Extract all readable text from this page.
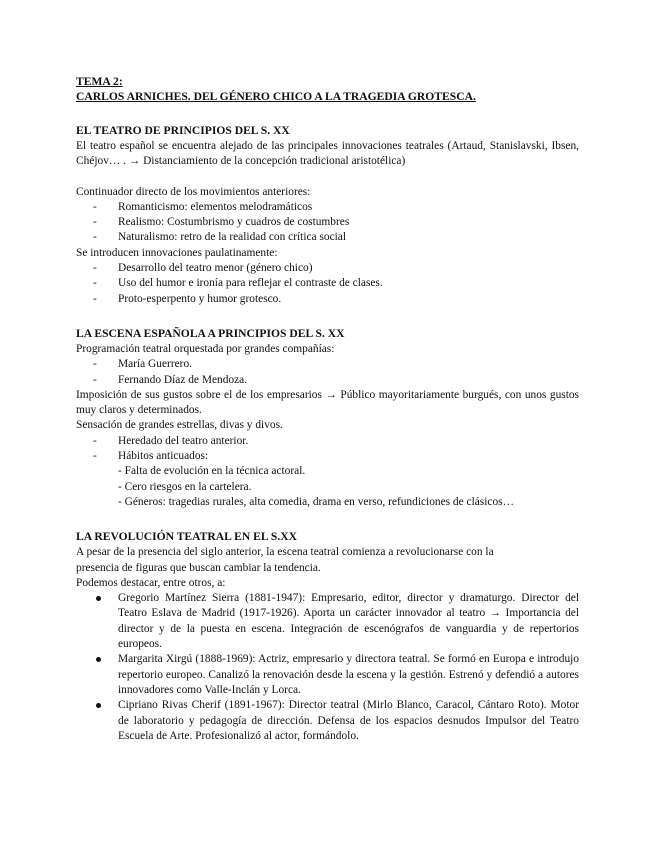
TEMA 2:

CARLOS ARNICHES. DEL GÉNERO CHICO A LA TRAGEDIA GROTESCA.

EL TEATRO DE PRINCIPIOS DEL S. XX

El teatro español se encuentra alejado de las principales innovaciones teatrales (Artaud, Stanislavski, Ibsen, Chéjov… . → Distanciamiento de la concepción tradicional aristotélica)

Continuador directo de los movimientos anteriores:

- Romanticismo: elementos melodramáticos
- Realismo: Costumbrismo y cuadros de costumbres
- Naturalismo: retro de la realidad con crítica social

Se introducen innovaciones paulatinamente:

- Desarrollo del teatro menor (género chico)
- Uso del humor e ironía para reflejar el contraste de clases.
- Proto-esperpento y humor grotesco.
LA ESCENA ESPAÑOLA A PRINCIPIOS DEL S. XX

Programación teatral orquestada por grandes compañías:

- María Guerrero.
- Fernando Díaz de Mendoza.

Imposición de sus gustos sobre el de los empresarios → Público mayoritariamente burgués, con unos gustos muy claros y determinados.

Sensación de grandes estrellas, divas y divos.

- Heredado del teatro anterior.
- Hábitos anticuados:

- Falta de evolución en la técnica actoral.

- Cero riesgos en la cartelera.

- Géneros: tragedias rurales, alta comedia, drama en verso, refundiciones de clásicos…

LA REVOLUCIÓN TEATRAL EN EL S.XX

A pesar de la presencia del siglo anterior, la escena teatral comienza a revolucionarse con la

presencia de figuras que buscan cambiar la tendencia.

Podemos destacar, entre otros, a:

Gregorio Martínez Sierra (1881-1947): Empresario, editor, director y dramaturgo. Director del Teatro Eslava de Madrid (1917-1926). Aporta un carácter innovador al teatro → Importancia del director y de la puesta en escena. Integración de escenógrafos de vanguardia y de repertorios europeos.
Margarita Xirgú (1888-1969): Actriz, empresario y directora teatral. Se formó en Europa e introdujo repertorio europeo. Canalizó la renovación desde la escena y la gestión. Estrenó y defendió a autores innovadores como Valle-Inclán y Lorca.
Cipriano Rivas Cherif (1891-1967): Director teatral (Mirlo Blanco, Caracol, Cántaro Roto). Motor de laboratorio y pedagogía de dirección. Defensa de los espacios desnudos Impulsor del Teatro Escuela de Arte. Profesionalizó al actor, formándolo.
